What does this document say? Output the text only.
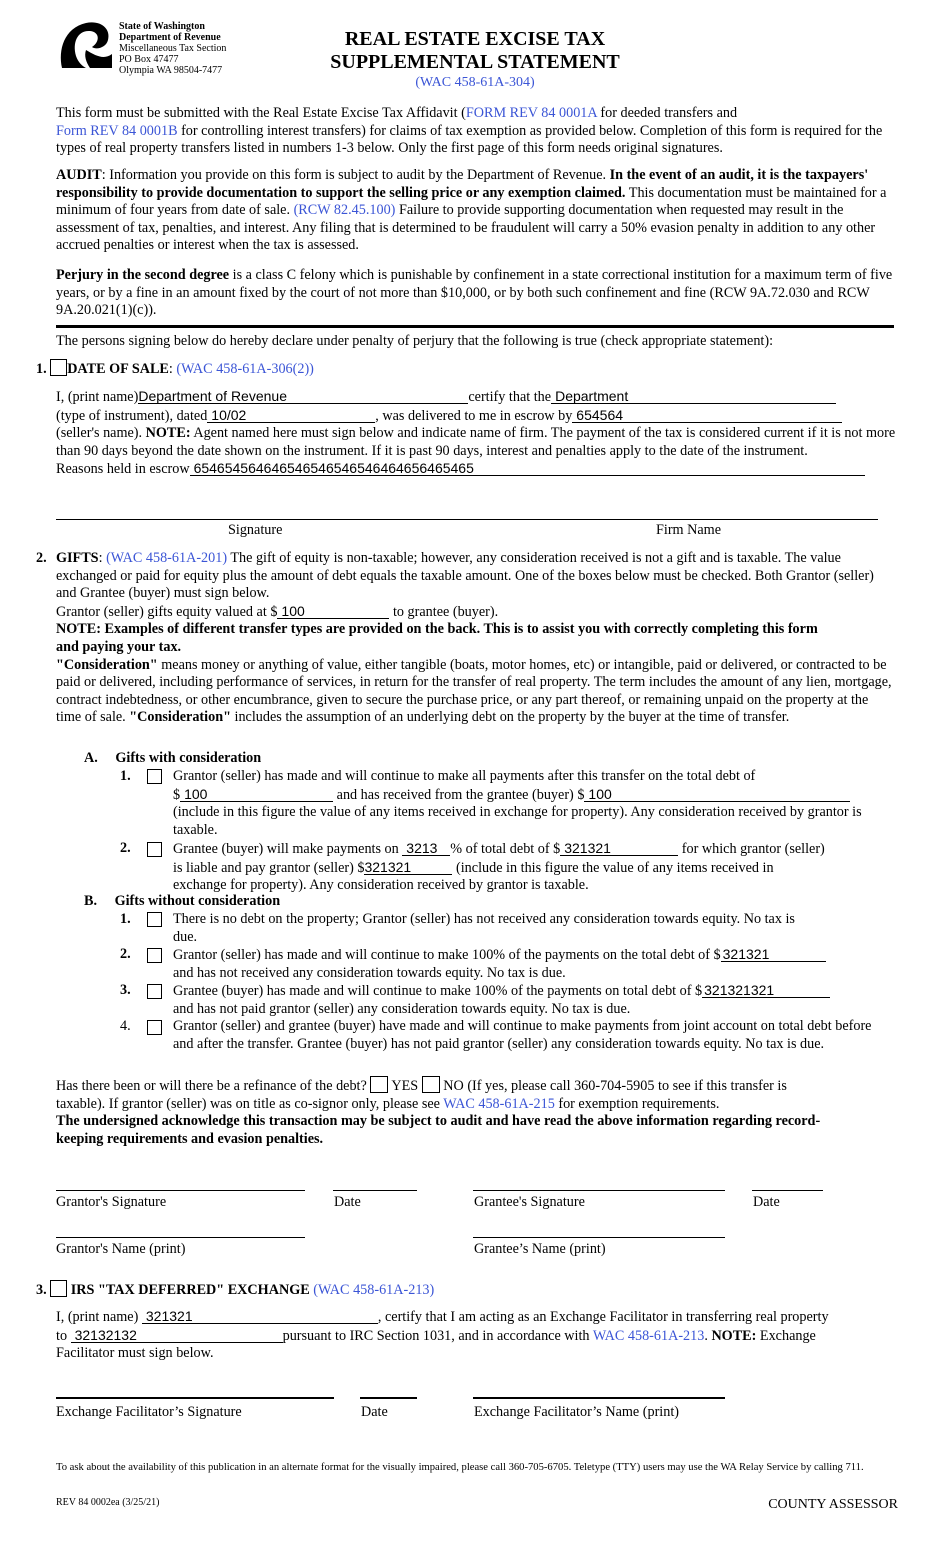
State of Washington
Department of Revenue
Miscellaneous Tax Section
PO Box 47477
Olympia WA 98504-7477
REAL ESTATE EXCISE TAX
SUPPLEMENTAL STATEMENT
(WAC 458-61A-304)

This form must be submitted with the Real Estate Excise Tax Affidavit (FORM REV 84 0001A for deeded transfers and
Form REV 84 0001B for controlling interest transfers) for claims of tax exemption as provided below. Completion of this form is required for the types of real property transfers listed in numbers 1-3 below. Only the first page of this form needs original signatures.

AUDIT: Information you provide on this form is subject to audit by the Department of Revenue. In the event of an audit, it is the taxpayers' responsibility to provide documentation to support the selling price or any exemption claimed. This documentation must be maintained for a minimum of four years from date of sale. (RCW 82.45.100) Failure to provide supporting documentation when requested may result in the assessment of tax, penalties, and interest. Any filing that is determined to be fraudulent will carry a 50% evasion penalty in addition to any other accrued penalties or interest when the tax is assessed.

Perjury in the second degree is a class C felony which is punishable by confinement in a state correctional institution for a maximum term of five years, or by a fine in an amount fixed by the court of not more than $10,000, or by both such confinement and fine (RCW 9A.72.030 and RCW 9A.20.021(1)(c)).

The persons signing below do hereby declare under penalty of perjury that the following is true (check appropriate statement):
1. DATE OF SALE: (WAC 458-61A-306(2))
I, (print name)Department of Revenue	certify that the Department
(type of instrument), dated 10/02	, was delivered to me in escrow by 654564

(seller's name). NOTE: Agent named here must sign below and indicate name of firm. The payment of the tax is considered current if it is not more than 90 days beyond the date shown on the instrument. If it is past 90 days, interest and penalties apply to the date of the instrument.

Reasons held in escrow 654654564646546546546546464656465465
Signature	Firm Name

GIFTS: (WAC 458-61A-201) The gift of equity is non-taxable; however, any consideration received is not a gift and is taxable. The value exchanged or paid for equity plus the amount of debt equals the taxable amount. One of the boxes below must be checked. Both Grantor (seller) and Grantee (buyer) must sign below.

Grantor (seller) gifts equity valued at $ 100	to grantee (buyer).

NOTE: Examples of different transfer types are provided on the back. This is to assist you with correctly completing this form and paying your tax.

"Consideration" means money or anything of value, either tangible (boats, motor homes, etc) or intangible, paid or delivered, or contracted to be paid or delivered, including performance of services, in return for the transfer of real property. The term includes the amount of any lien, mortgage, contract indebtedness, or other encumbrance, given to secure the purchase price, or any part thereof, or remaining unpaid on the property at the time of sale. "Consideration" includes the assumption of an underlying debt on the property by the buyer at the time of transfer.

2.
A. Gifts with consideration
1.	Grantor (seller) has made and will continue to make all payments after this transfer on the total debt of
$ 100	and has received from the grantee (buyer) $ 100

(include in this figure the value of any items received in exchange for property). Any consideration received by grantor is taxable.

2.	Grantee (buyer) will make payments on 3213 % of total debt of $ 321321	for which grantor (seller)
is liable and pay grantor (seller) $321321	(include in this figure the value of any items received in
exchange for property). Any consideration received by grantor is taxable.
B. Gifts without consideration
1.	There is no debt on the property; Grantor (seller) has not received any consideration towards equity. No tax is due.
2.	Grantor (seller) has made and will continue to make 100% of the payments on the total debt of $ 321321
and has not received any consideration towards equity. No tax is due.
3.	Grantee (buyer) has made and will continue to make 100% of the payments on total debt of $ 321321321
and has not paid grantor (seller) any consideration towards equity. No tax is due.
4.	Grantor (seller) and grantee (buyer) have made and will continue to make payments from joint account on total debt before and after the transfer. Grantee (buyer) has not paid grantor (seller) any consideration towards equity. No tax is due.
Has there been or will there be a refinance of the debt? YES NO (If yes, please call 360-704-5905 to see if this transfer is
taxable). If grantor (seller) was on title as co-signor only, please see WAC 458-61A-215 for exemption requirements.

The undersigned acknowledge this transaction may be subject to audit and have read the above information regarding record-keeping requirements and evasion penalties.

Grantor's Signature	Date	Grantee's Signature	Date
Grantor's Name (print)	Grantee’s Name (print)
3. IRS "TAX DEFERRED" EXCHANGE (WAC 458-61A-213)
I, (print name) 321321	, certify that I am acting as an Exchange Facilitator in transferring real property
to 32132132	pursuant to IRC Section 1031, and in accordance with WAC 458-61A-213. NOTE: Exchange
Facilitator must sign below.
Exchange Facilitator’s Signature	Date	Exchange Facilitator’s Name (print)
To ask about the availability of this publication in an alternate format for the visually impaired, please call 360-705-6705. Teletype (TTY) users may use the WA Relay Service by calling 711.
REV 84 0002ea (3/25/21)	COUNTY ASSESSOR
